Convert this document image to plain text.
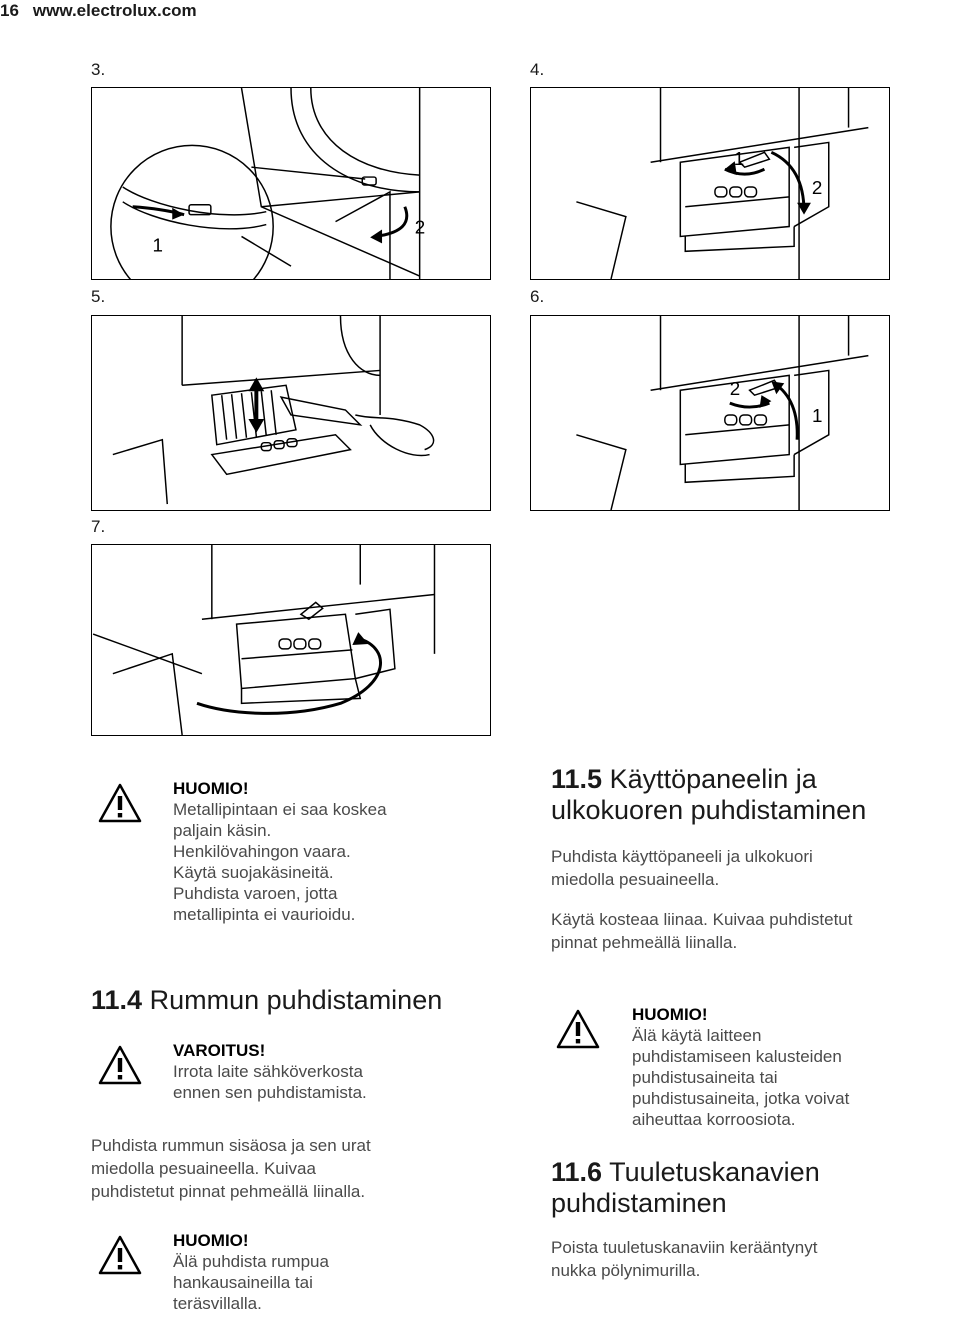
16 www.electrolux.com
3.	4.
5.	6.
7.
1
2
1
2
2
1
HUOMIO!
Metallipintaan ei saa koskea
paljain käsin.
Henkilövahingon vaara.
Käytä suojakäsineitä.
Puhdista varoen, jotta
metallipinta ei vaurioidu.
11.4 Rummun puhdistaminen
VAROITUS!
Irrota laite sähköverkosta
ennen sen puhdistamista.
Puhdista rummun sisäosa ja sen urat
miedolla pesuaineella. Kuivaa
puhdistetut pinnat pehmeällä liinalla.
HUOMIO!
Älä puhdista rumpua
hankausaineilla tai
teräsvillalla.
11.5 Käyttöpaneelin ja
ulkokuoren puhdistaminen
Puhdista käyttöpaneeli ja ulkokuori
miedolla pesuaineella.
Käytä kosteaa liinaa. Kuivaa puhdistetut
pinnat pehmeällä liinalla.
HUOMIO!
Älä käytä laitteen
puhdistamiseen kalusteiden
puhdistusaineita tai
puhdistusaineita, jotka voivat
aiheuttaa korroosiota.
11.6 Tuuletuskanavien
puhdistaminen
Poista tuuletuskanaviin kerääntynyt
nukka pölynimurilla.
